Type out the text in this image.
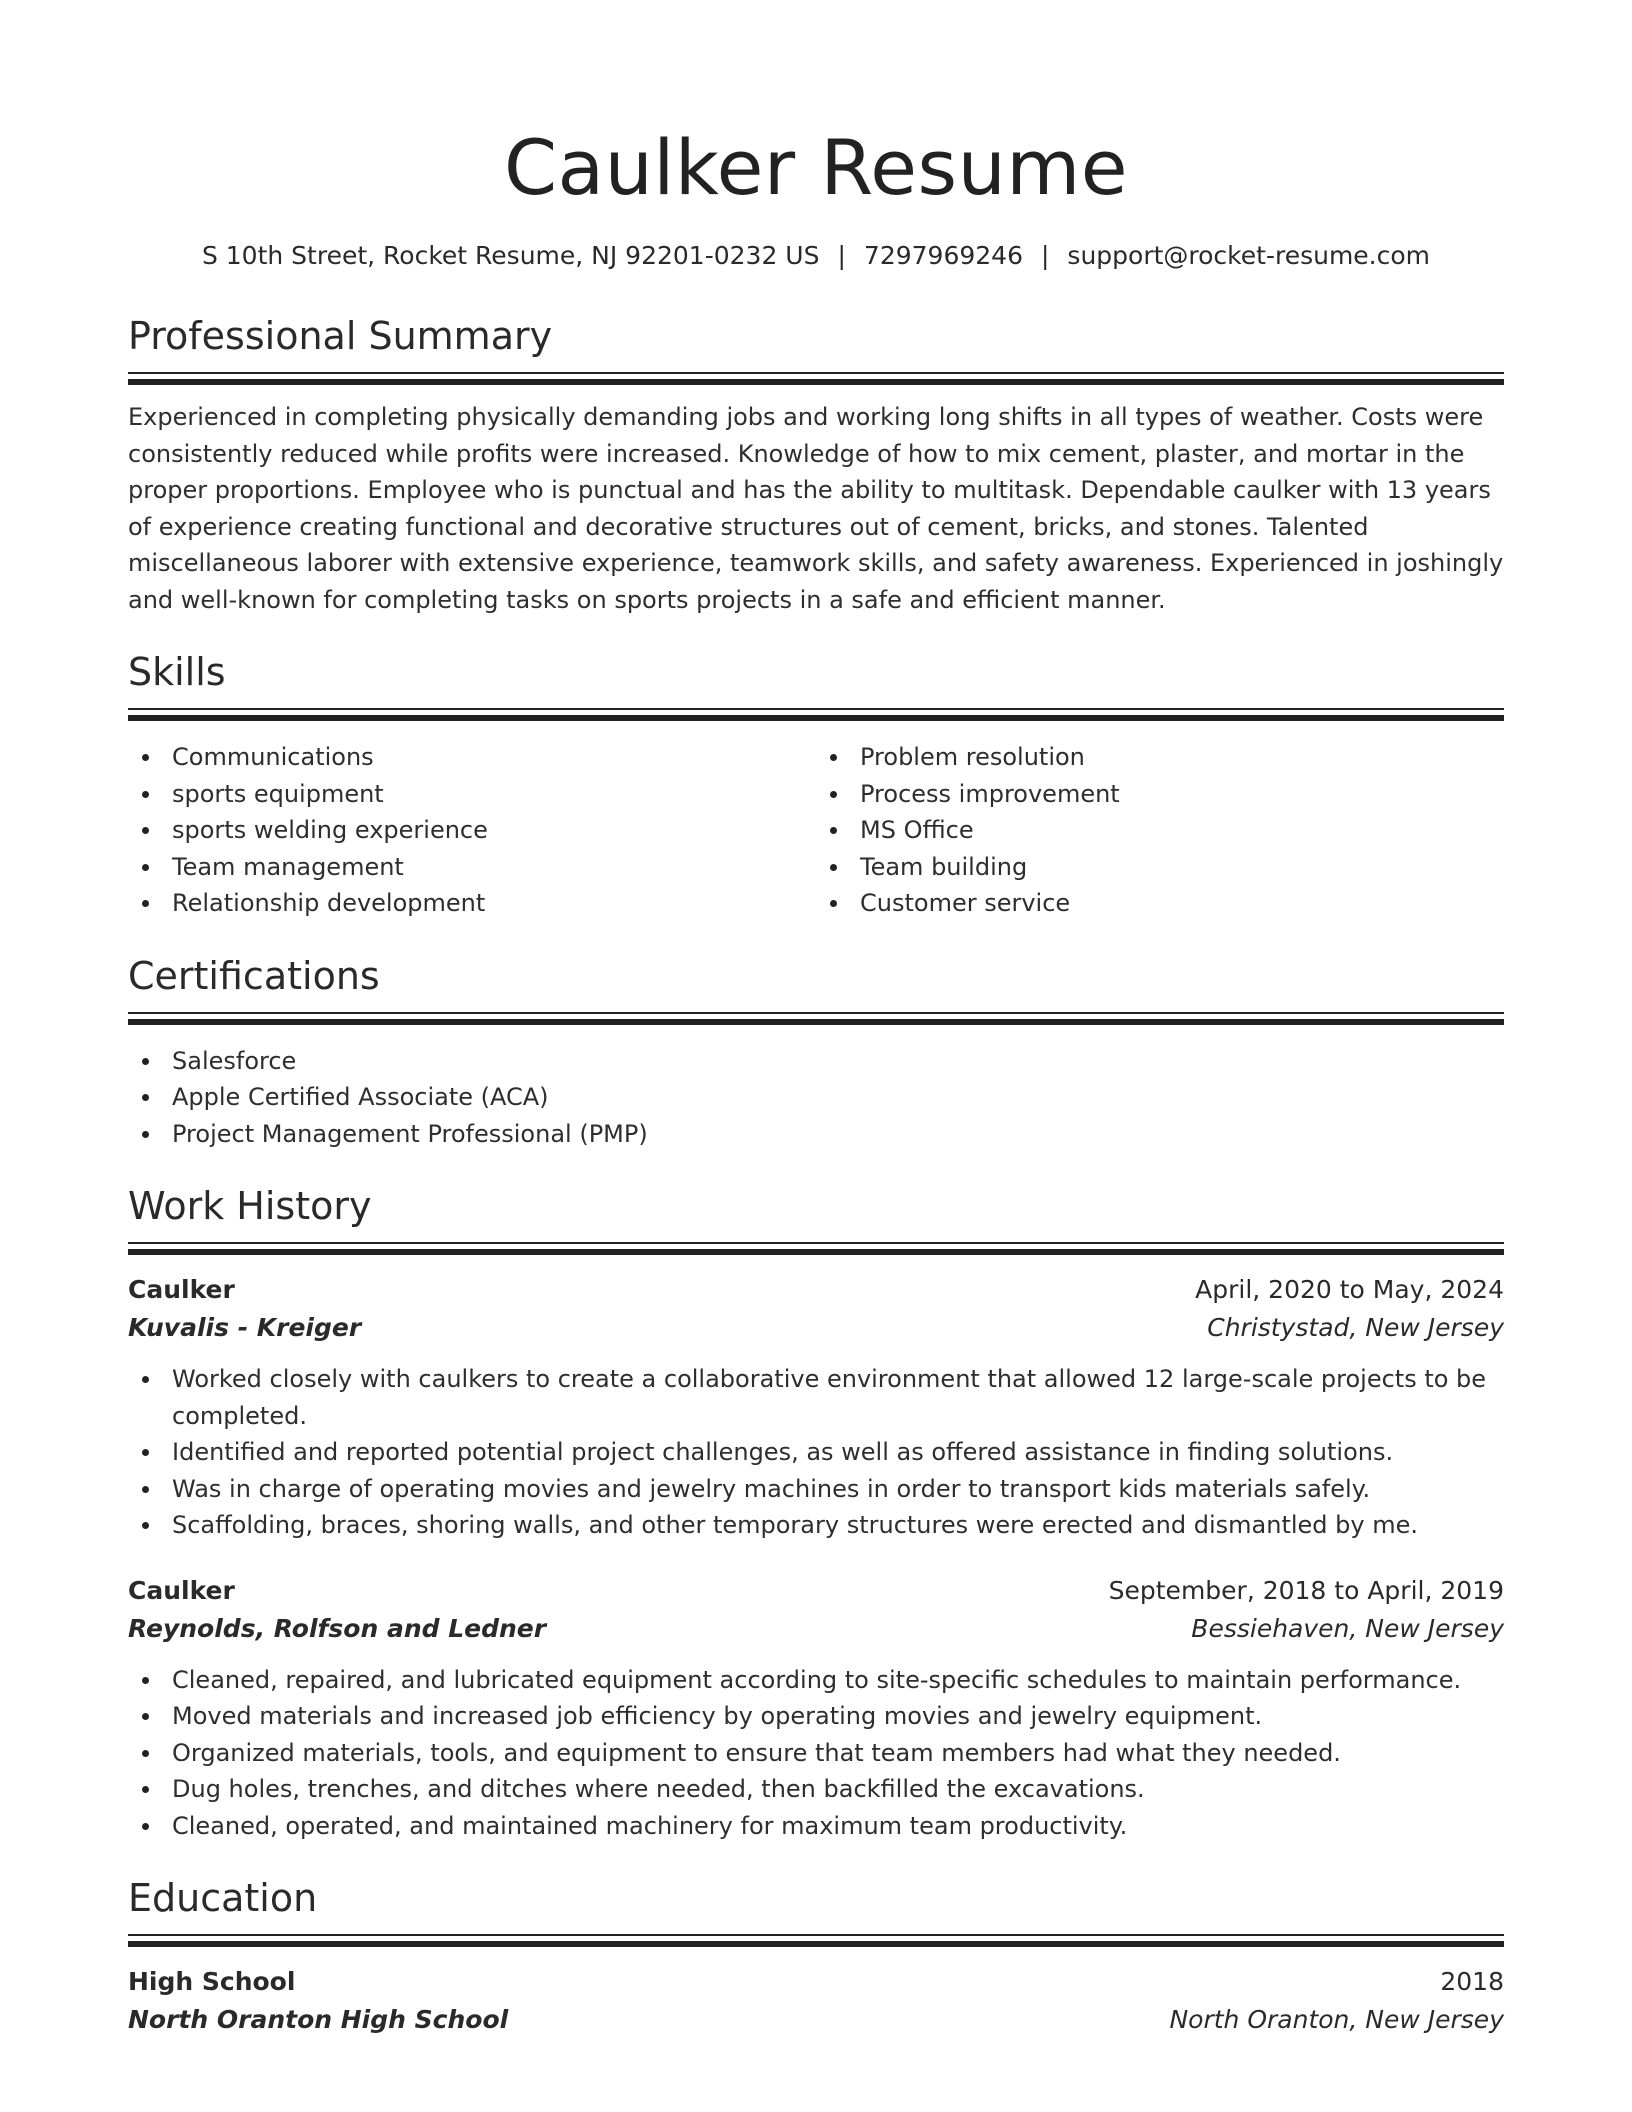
Caulker Resume
S 10th Street, Rocket Resume, NJ 92201-0232 US | 7297969246 | support@rocket-resume.com
Professional Summary
Experienced in completing physically demanding jobs and working long shifts in all types of weather. Costs were consistently reduced while profits were increased. Knowledge of how to mix cement, plaster, and mortar in the proper proportions. Employee who is punctual and has the ability to multitask. Dependable caulker with 13 years of experience creating functional and decorative structures out of cement, bricks, and stones. Talented miscellaneous laborer with extensive experience, teamwork skills, and safety awareness. Experienced in joshingly and well-known for completing tasks on sports projects in a safe and efficient manner.
Skills
Communications
sports equipment
sports welding experience
Team management
Relationship development
Problem resolution
Process improvement
MS Office
Team building
Customer service
Certifications
Salesforce
Apple Certified Associate (ACA)
Project Management Professional (PMP)
Work History
Caulker	April, 2020 to May, 2024
Kuvalis - Kreiger	Christystad, New Jersey
Worked closely with caulkers to create a collaborative environment that allowed 12 large-scale projects to be completed.
Identified and reported potential project challenges, as well as offered assistance in finding solutions.
Was in charge of operating movies and jewelry machines in order to transport kids materials safely.
Scaffolding, braces, shoring walls, and other temporary structures were erected and dismantled by me.
Caulker	September, 2018 to April, 2019
Reynolds, Rolfson and Ledner	Bessiehaven, New Jersey
Cleaned, repaired, and lubricated equipment according to site-specific schedules to maintain performance.
Moved materials and increased job efficiency by operating movies and jewelry equipment.
Organized materials, tools, and equipment to ensure that team members had what they needed.
Dug holes, trenches, and ditches where needed, then backfilled the excavations.
Cleaned, operated, and maintained machinery for maximum team productivity.
Education
High School	2018
North Oranton High School	North Oranton, New Jersey
